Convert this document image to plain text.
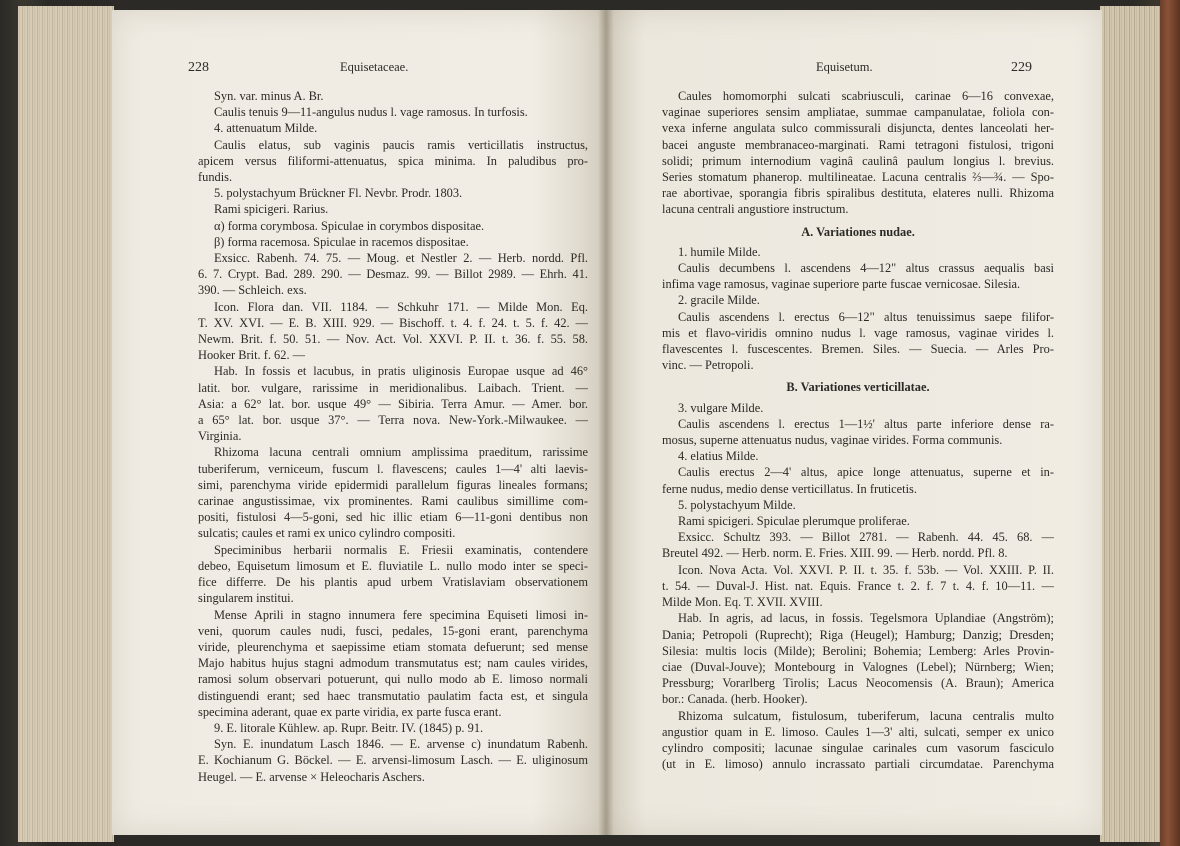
228	Equisetaceae.
Syn. var. minus A. Br.
Caulis tenuis 9—11-angulus nudus l. vage ramosus. In turfosis.
4. attenuatum Milde.
Caulis elatus, sub vaginis paucis ramis verticillatis instructus,
apicem versus filiformi-attenuatus, spica minima. In paludibus pro-
fundis.
5. polystachyum Brückner Fl. Nevbr. Prodr. 1803.
Rami spicigeri. Rarius.
α) forma corymbosa. Spiculae in corymbos dispositae.
β) forma racemosa. Spiculae in racemos dispositae.
Exsicc. Rabenh. 74. 75. — Moug. et Nestler 2. — Herb. nordd. Pfl.
6. 7. Crypt. Bad. 289. 290. — Desmaz. 99. — Billot 2989. — Ehrh. 41.
390. — Schleich. exs.
Icon. Flora dan. VII. 1184. — Schkuhr 171. — Milde Mon. Eq.
T. XV. XVI. — E. B. XIII. 929. — Bischoff. t. 4. f. 24. t. 5. f. 42. —
Newm. Brit. f. 50. 51. — Nov. Act. Vol. XXVI. P. II. t. 36. f. 55. 58.
Hooker Brit. f. 62. —
Hab. In fossis et lacubus, in pratis uliginosis Europae usque ad 46°
latit. bor. vulgare, rarissime in meridionalibus. Laibach. Trient. —
Asia: a 62° lat. bor. usque 49° — Sibiria. Terra Amur. — Amer. bor.
a 65° lat. bor. usque 37°. — Terra nova. New-York.-Milwaukee. —
Virginia.
Rhizoma lacuna centrali omnium amplissima praeditum, rarissime
tuberiferum, verniceum, fuscum l. flavescens; caules 1—4' alti laevis-
simi, parenchyma viride epidermidi parallelum figuras lineales formans;
carinae angustissimae, vix prominentes. Rami caulibus simillime com-
positi, fistulosi 4—5-goni, sed hic illic etiam 6—11-goni dentibus non
sulcatis; caules et rami ex unico cylindro compositi.
Speciminibus herbarii normalis E. Friesii examinatis, contendere
debeo, Equisetum limosum et E. fluviatile L. nullo modo inter se speci-
fice differre. De his plantis apud urbem Vratislaviam observationem
singularem institui.
Mense Aprili in stagno innumera fere specimina Equiseti limosi in-
veni, quorum caules nudi, fusci, pedales, 15-goni erant, parenchyma
viride, pleurenchyma et saepissime etiam stomata defuerunt; sed mense
Majo habitus hujus stagni admodum transmutatus est; nam caules virides,
ramosi solum observari potuerunt, qui nullo modo ab E. limoso normali
distinguendi erant; sed haec transmutatio paulatim facta est, et singula
specimina aderant, quae ex parte viridia, ex parte fusca erant.
9. E. litorale Kühlew. ap. Rupr. Beitr. IV. (1845) p. 91.
Syn. E. inundatum Lasch 1846. — E. arvense c) inundatum Rabenh.
E. Kochianum G. Böckel. — E. arvensi-limosum Lasch. — E. uliginosum
Heugel. — E. arvense × Heleocharis Aschers.
Equisetum.	229
Caules homomorphi sulcati scabriusculi, carinae 6—16 convexae,
vaginae superiores sensim ampliatae, summae campanulatae, foliola con-
vexa inferne angulata sulco commissurali disjuncta, dentes lanceolati her-
bacei anguste membranaceo-marginati. Rami tetragoni fistulosi, trigoni
solidi; primum internodium vaginâ caulinâ paulum longius l. brevius.
Series stomatum phanerop. multilineatae. Lacuna centralis ⅔—¾. — Spo-
rae abortivae, sporangia fibris spiralibus destituta, elateres nulli. Rhizoma
lacuna centrali angustiore instructum.
A. Variationes nudae.
1. humile Milde.
Caulis decumbens l. ascendens 4—12" altus crassus aequalis basi
infima vage ramosus, vaginae superiore parte fuscae vernicosae. Silesia.
2. gracile Milde.
Caulis ascendens l. erectus 6—12" altus tenuissimus saepe filifor-
mis et flavo-viridis omnino nudus l. vage ramosus, vaginae virides l.
flavescentes l. fuscescentes. Bremen. Siles. — Suecia. — Arles Pro-
vinc. — Petropoli.
B. Variationes verticillatae.
3. vulgare Milde.
Caulis ascendens l. erectus 1—1½' altus parte inferiore dense ra-
mosus, superne attenuatus nudus, vaginae virides. Forma communis.
4. elatius Milde.
Caulis erectus 2—4' altus, apice longe attenuatus, superne et in-
ferne nudus, medio dense verticillatus. In fruticetis.
5. polystachyum Milde.
Rami spicigeri. Spiculae plerumque proliferae.
Exsicc. Schultz 393. — Billot 2781. — Rabenh. 44. 45. 68. —
Breutel 492. — Herb. norm. E. Fries. XIII. 99. — Herb. nordd. Pfl. 8.
Icon. Nova Acta. Vol. XXVI. P. II. t. 35. f. 53b. — Vol. XXIII. P. II.
t. 54. — Duval-J. Hist. nat. Equis. France t. 2. f. 7 t. 4. f. 10—11. —
Milde Mon. Eq. T. XVII. XVIII.
Hab. In agris, ad lacus, in fossis. Tegelsmora Uplandiae (Angström);
Dania; Petropoli (Ruprecht); Riga (Heugel); Hamburg; Danzig; Dresden;
Silesia: multis locis (Milde); Berolini; Bohemia; Lemberg: Arles Provin-
ciae (Duval-Jouve); Montebourg in Valognes (Lebel); Nürnberg; Wien;
Pressburg; Vorarlberg Tirolis; Lacus Neocomensis (A. Braun); America
bor.: Canada. (herb. Hooker).
Rhizoma sulcatum, fistulosum, tuberiferum, lacuna centralis multo
angustior quam in E. limoso. Caules 1—3' alti, sulcati, semper ex unico
cylindro compositi; lacunae singulae carinales cum vasorum fasciculo
(ut in E. limoso) annulo incrassato partiali circumdatae. Parenchyma
